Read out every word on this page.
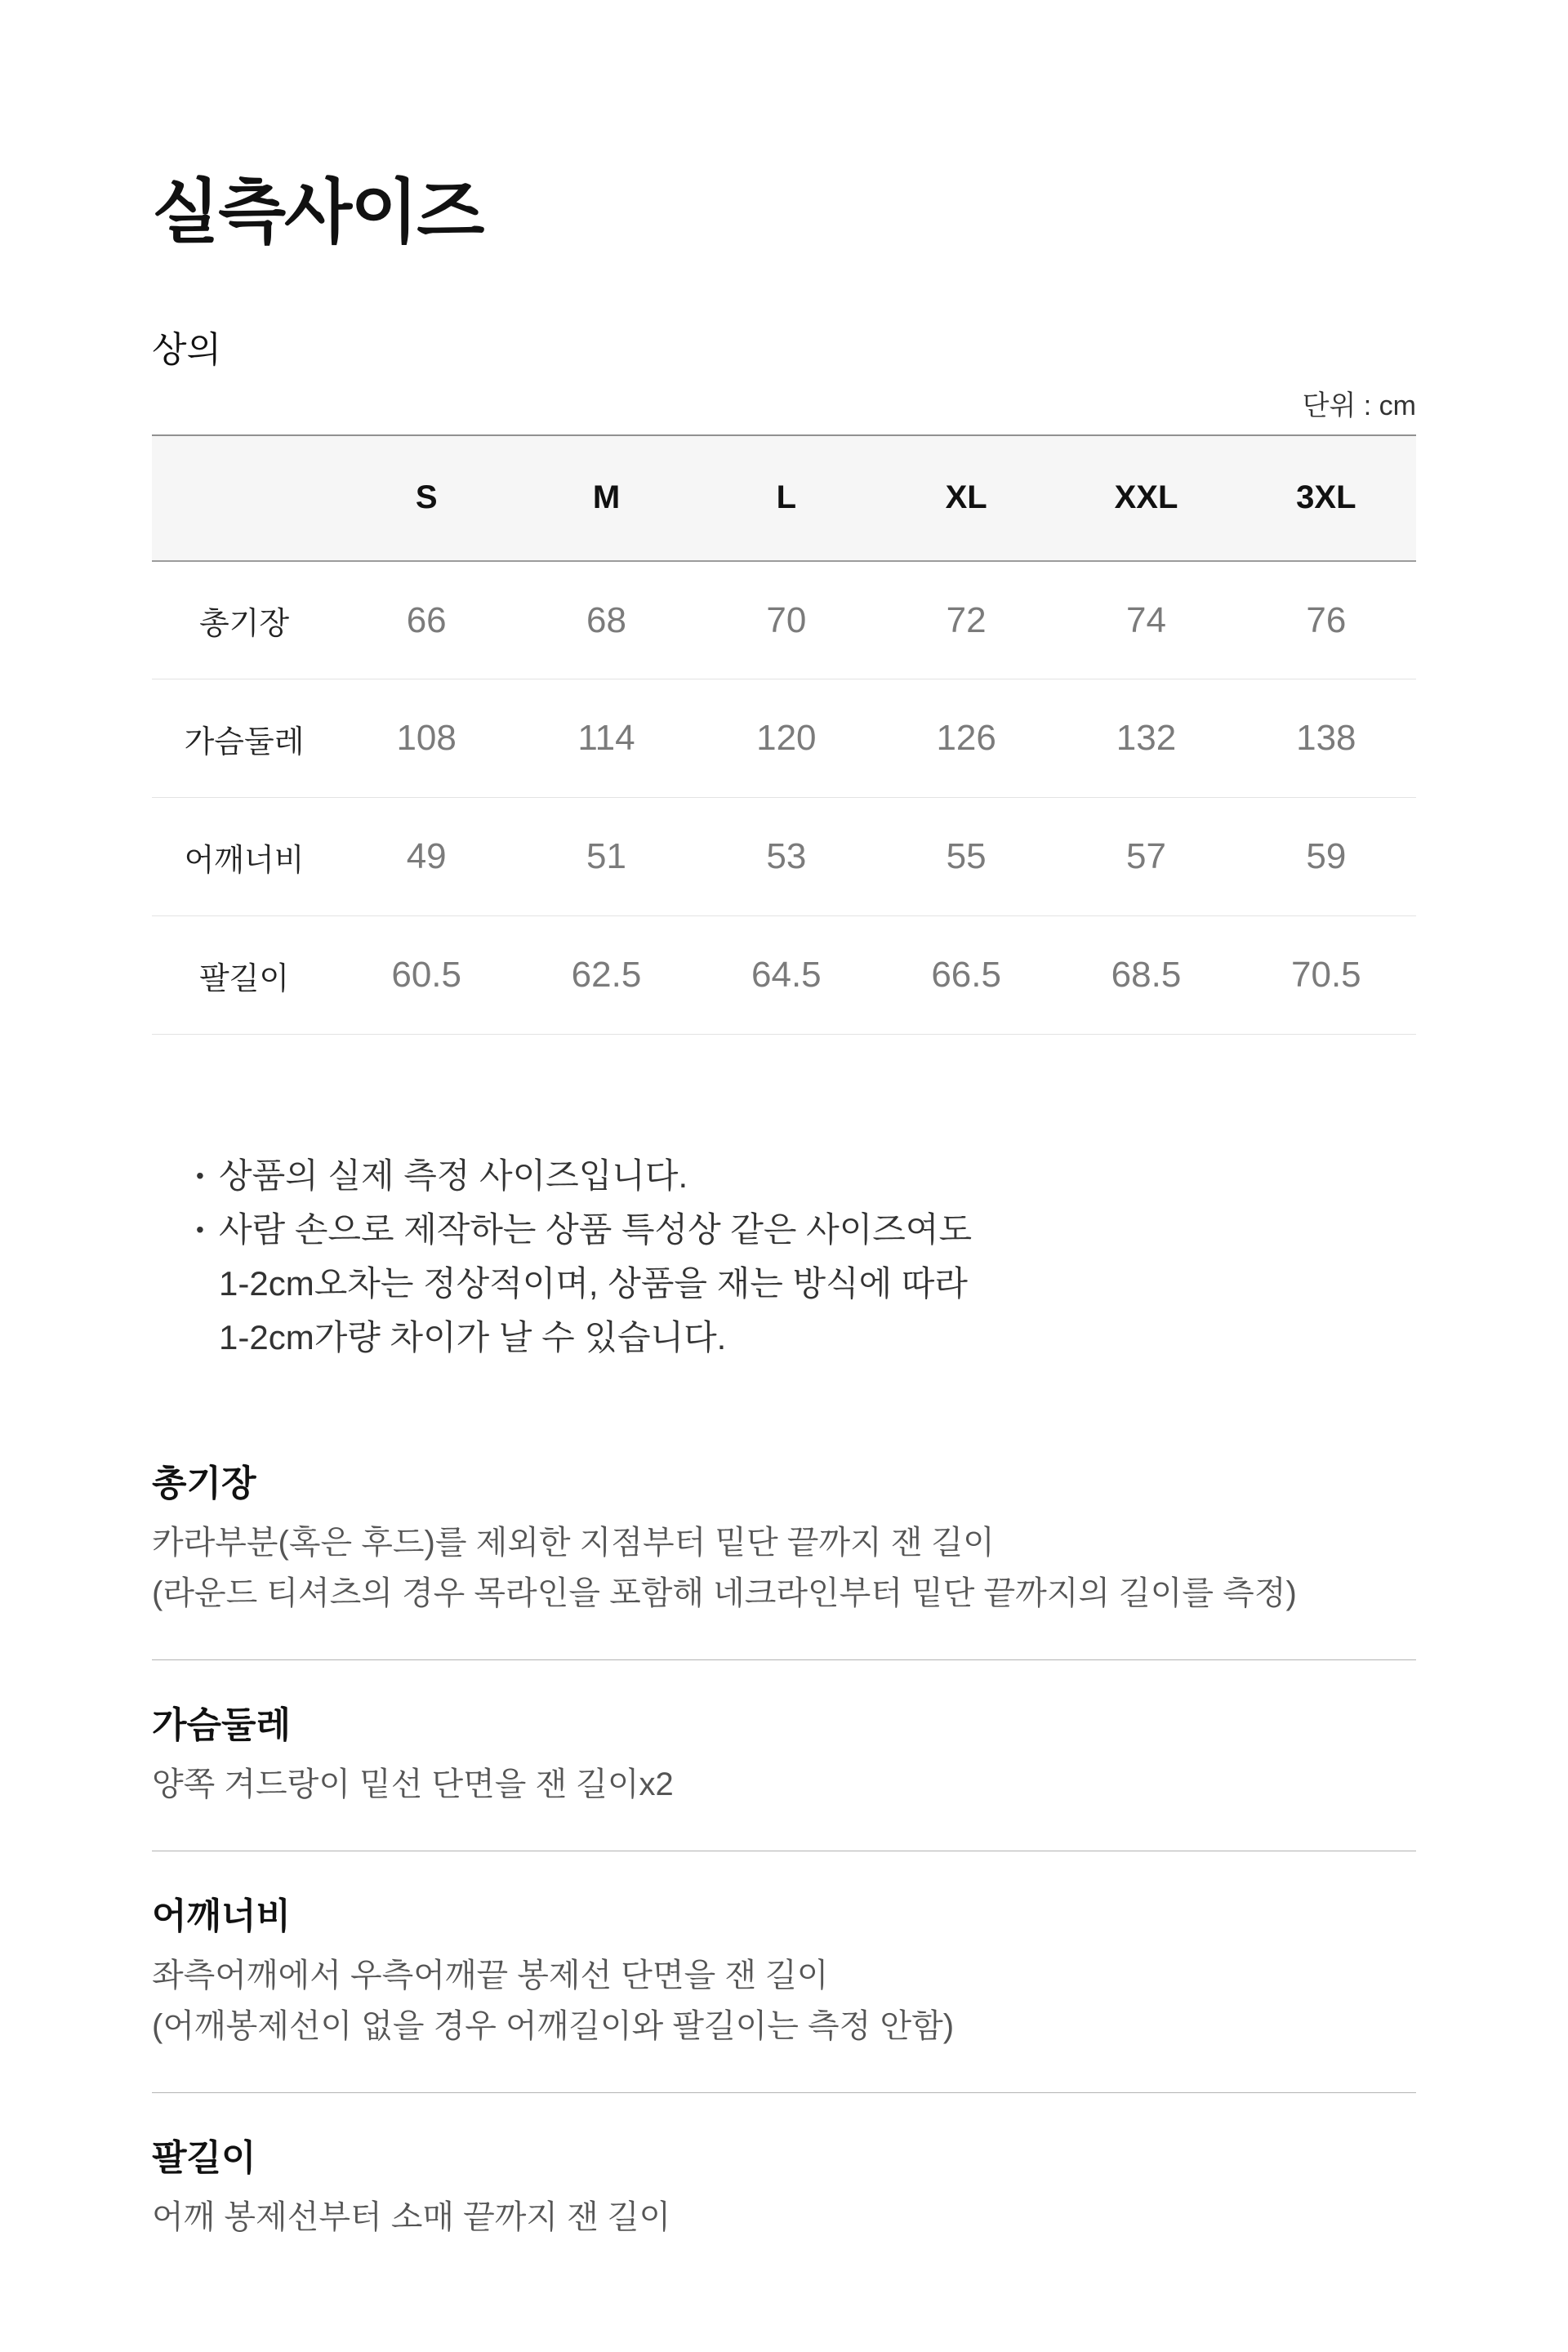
실측사이즈
상의
단위 : cm
	S	M	L	XL	XXL	3XL
총기장	66	68	70	72	74	76
가슴둘레	108	114	120	126	132	138
어깨너비	49	51	53	55	57	59
팔길이	60.5	62.5	64.5	66.5	68.5	70.5
• 상품의 실제 측정 사이즈입니다.
• 사람 손으로 제작하는 상품 특성상 같은 사이즈여도
1-2cm오차는 정상적이며, 상품을 재는 방식에 따라
1-2cm가량 차이가 날 수 있습니다.
총기장

카라부분(혹은 후드)를 제외한 지점부터 밑단 끝까지 잰 길이

(라운드 티셔츠의 경우 목라인을 포함해 네크라인부터 밑단 끝까지의 길이를 측정)

가슴둘레

양쪽 겨드랑이 밑선 단면을 잰 길이x2

어깨너비

좌측어깨에서 우측어깨끝 봉제선 단면을 잰 길이

(어깨봉제선이 없을 경우 어깨길이와 팔길이는 측정 안함)

팔길이

어깨 봉제선부터 소매 끝까지 잰 길이
